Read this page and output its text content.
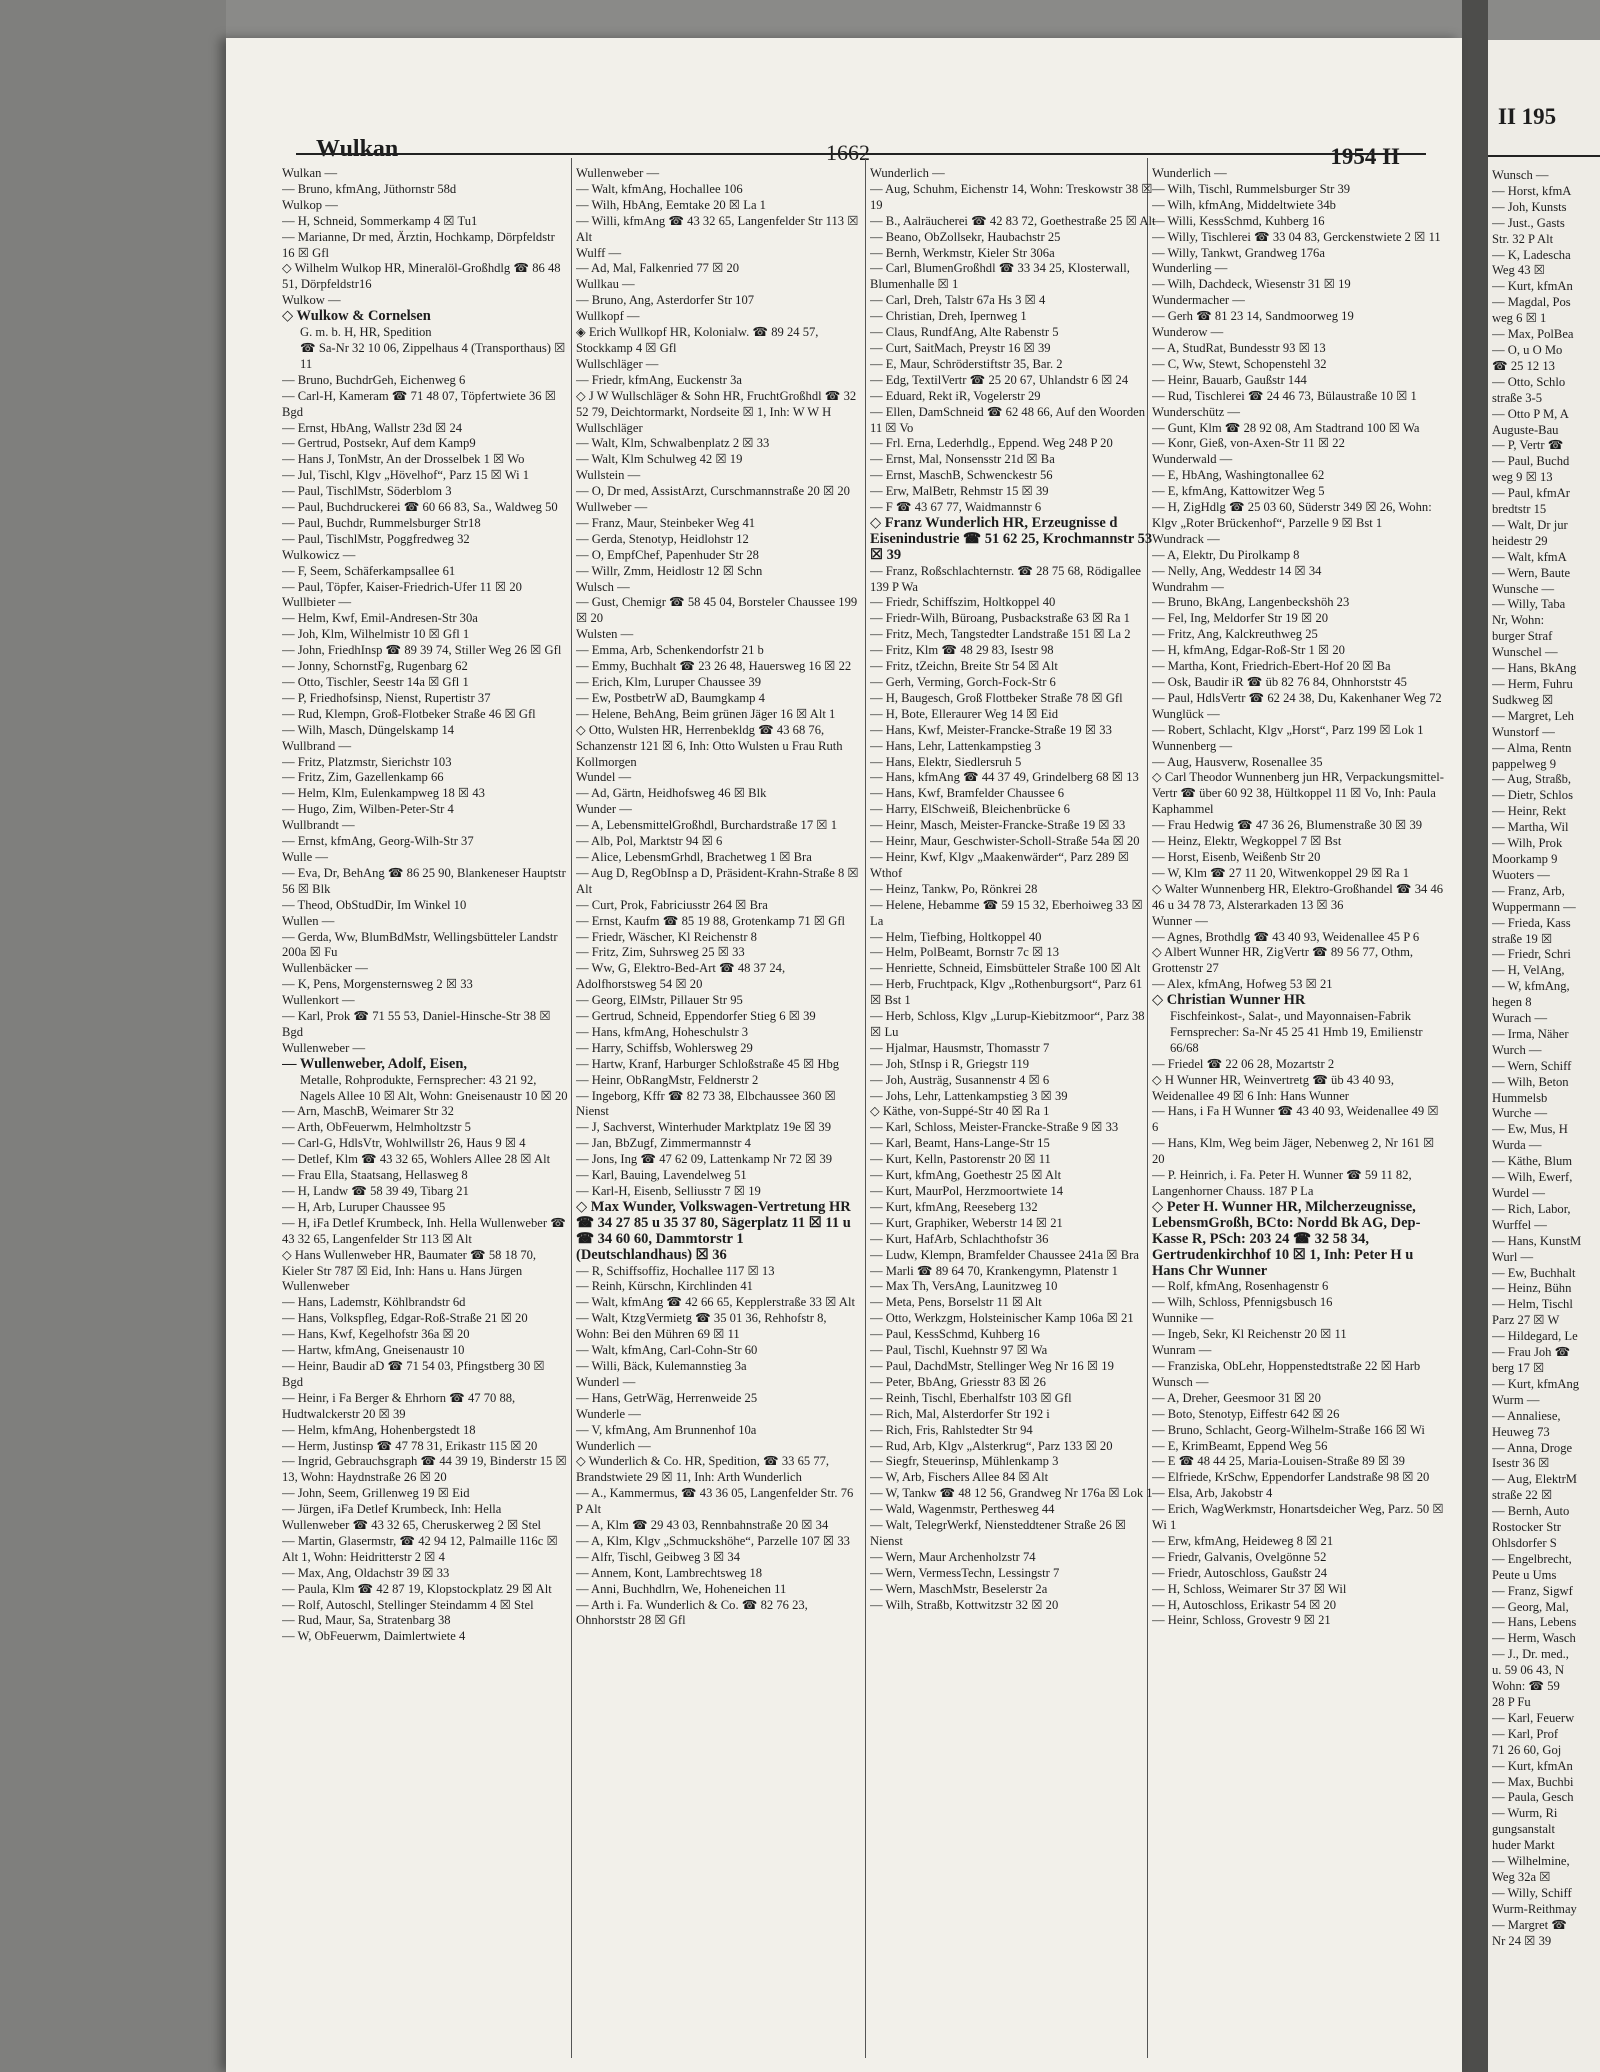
Wulkan	1662	1954 II
Wulkan —
— Bruno, kfmAng, Jüthornstr 58d
Wulkop —
— H, Schneid, Sommerkamp 4 ☒ Tu1
— Marianne, Dr med, Ärztin, Hochkamp, Dörpfeldstr 16 ☒ Gfl
◇ Wilhelm Wulkop HR, Mineralöl-Großhdlg ☎ 86 48 51, Dörpfeldstr16
Wulkow —
◇ Wulkow & Cornelsen
G. m. b. H, HR, Spedition
☎ Sa-Nr 32 10 06, Zippelhaus 4 (Transporthaus) ☒ 11
— Bruno, BuchdrGeh, Eichenweg 6
— Carl-H, Kameram ☎ 71 48 07, Töpfertwiete 36 ☒ Bgd
— Ernst, HbAng, Wallstr 23d ☒ 24
— Gertrud, Postsekr, Auf dem Kamp9
— Hans J, TonMstr, An der Drosselbek 1 ☒ Wo
— Jul, Tischl, Klgv „Hövelhof“, Parz 15 ☒ Wi 1
— Paul, TischlMstr, Söderblom 3
— Paul, Buchdruckerei ☎ 60 66 83, Sa., Waldweg 50
— Paul, Buchdr, Rummelsburger Str18
— Paul, TischlMstr, Poggfredweg 32
Wulkowicz —
— F, Seem, Schäferkampsallee 61
— Paul, Töpfer, Kaiser-Friedrich-Ufer 11 ☒ 20
Wullbieter —
— Helm, Kwf, Emil-Andresen-Str 30a
— Joh, Klm, Wilhelmistr 10 ☒ Gfl 1
— John, FriedhInsp ☎ 89 39 74, Stiller Weg 26 ☒ Gfl
— Jonny, SchornstFg, Rugenbarg 62
— Otto, Tischler, Seestr 14a ☒ Gfl 1
— P, Friedhofsinsp, Nienst, Rupertistr 37
— Rud, Klempn, Groß-Flotbeker Straße 46 ☒ Gfl
— Wilh, Masch, Düngelskamp 14
Wullbrand —
— Fritz, Platzmstr, Sierichstr 103
— Fritz, Zim, Gazellenkamp 66
— Helm, Klm, Eulenkampweg 18 ☒ 43
— Hugo, Zim, Wilben-Peter-Str 4
Wullbrandt —
— Ernst, kfmAng, Georg-Wilh-Str 37
Wulle —
— Eva, Dr, BehAng ☎ 86 25 90, Blankeneser Hauptstr 56 ☒ Blk
— Theod, ObStudDir, Im Winkel 10
Wullen —
— Gerda, Ww, BlumBdMstr, Wellingsbütteler Landstr 200a ☒ Fu
Wullenbäcker —
— K, Pens, Morgensternsweg 2 ☒ 33
Wullenkort —
— Karl, Prok ☎ 71 55 53, Daniel-Hinsche-Str 38 ☒ Bgd
Wullenweber —
— Wullenweber, Adolf, Eisen,
Metalle, Rohprodukte, Fernsprecher: 43 21 92, Nagels Allee 10 ☒ Alt, Wohn: Gneisenaustr 10 ☒ 20
— Arn, MaschB, Weimarer Str 32
— Arth, ObFeuerwm, Helmholtzstr 5
— Carl-G, HdlsVtr, Wohlwillstr 26, Haus 9 ☒ 4
— Detlef, Klm ☎ 43 32 65, Wohlers Allee 28 ☒ Alt
— Frau Ella, Staatsang, Hellasweg 8
— H, Landw ☎ 58 39 49, Tibarg 21
— H, Arb, Luruper Chaussee 95
— H, iFa Detlef Krumbeck, Inh. Hella Wullenweber ☎ 43 32 65, Langenfelder Str 113 ☒ Alt
◇ Hans Wullenweber HR, Baumater ☎ 58 18 70, Kieler Str 787 ☒ Eid, Inh: Hans u. Hans Jürgen Wullenweber
— Hans, Lademstr, Köhlbrandstr 6d
— Hans, Volkspfleg, Edgar-Roß-Straße 21 ☒ 20
— Hans, Kwf, Kegelhofstr 36a ☒ 20
— Hartw, kfmAng, Gneisenaustr 10
— Heinr, Baudir aD ☎ 71 54 03, Pfingstberg 30 ☒ Bgd
— Heinr, i Fa Berger & Ehrhorn ☎ 47 70 88, Hudtwalckerstr 20 ☒ 39
— Helm, kfmAng, Hohenbergstedt 18
— Herm, Justinsp ☎ 47 78 31, Erikastr 115 ☒ 20
— Ingrid, Gebrauchsgraph ☎ 44 39 19, Binderstr 15 ☒ 13, Wohn: Haydnstraße 26 ☒ 20
— John, Seem, Grillenweg 19 ☒ Eid
— Jürgen, iFa Detlef Krumbeck, Inh: Hella Wullenweber ☎ 43 32 65, Cheruskerweg 2 ☒ Stel
— Martin, Glasermstr, ☎ 42 94 12, Palmaille 116c ☒ Alt 1, Wohn: Heidritterstr 2 ☒ 4
— Max, Ang, Oldachstr 39 ☒ 33
— Paula, Klm ☎ 42 87 19, Klopstockplatz 29 ☒ Alt
— Rolf, Autoschl, Stellinger Steindamm 4 ☒ Stel
— Rud, Maur, Sa, Stratenbarg 38
— W, ObFeuerwm, Daimlertwiete 4
Wullenweber —
— Walt, kfmAng, Hochallee 106
— Wilh, HbAng, Eemtake 20 ☒ La 1
— Willi, kfmAng ☎ 43 32 65, Langenfelder Str 113 ☒ Alt
Wulff —
— Ad, Mal, Falkenried 77 ☒ 20
Wullkau —
— Bruno, Ang, Asterdorfer Str 107
Wullkopf —
◈ Erich Wullkopf HR, Kolonialw. ☎ 89 24 57, Stockkamp 4 ☒ Gfl
Wullschläger —
— Friedr, kfmAng, Euckenstr 3a
◇ J W Wullschläger & Sohn HR, FruchtGroßhdl ☎ 32 52 79, Deichtormarkt, Nordseite ☒ 1, Inh: W W H Wullschläger
— Walt, Klm, Schwalbenplatz 2 ☒ 33
— Walt, Klm Schulweg 42 ☒ 19
Wullstein —
— O, Dr med, AssistArzt, Curschmannstraße 20 ☒ 20
Wullweber —
— Franz, Maur, Steinbeker Weg 41
— Gerda, Stenotyp, Heidlohstr 12
— O, EmpfChef, Papenhuder Str 28
— Willr, Zmm, Heidlostr 12 ☒ Schn
Wulsch —
— Gust, Chemigr ☎ 58 45 04, Borsteler Chaussee 199 ☒ 20
Wulsten —
— Emma, Arb, Schenkendorfstr 21 b
— Emmy, Buchhalt ☎ 23 26 48, Hauersweg 16 ☒ 22
— Erich, Klm, Luruper Chaussee 39
— Ew, PostbetrW aD, Baumgkamp 4
— Helene, BehAng, Beim grünen Jäger 16 ☒ Alt 1
◇ Otto, Wulsten HR, Herrenbekldg ☎ 43 68 76, Schanzenstr 121 ☒ 6, Inh: Otto Wulsten u Frau Ruth Kollmorgen
Wundel —
— Ad, Gärtn, Heidhofsweg 46 ☒ Blk
Wunder —
— A, LebensmittelGroßhdl, Burchardstraße 17 ☒ 1
— Alb, Pol, Marktstr 94 ☒ 6
— Alice, LebensmGrhdl, Brachetweg 1 ☒ Bra
— Aug D, RegObInsp a D, Präsident-Krahn-Straße 8 ☒ Alt
— Curt, Prok, Fabriciusstr 264 ☒ Bra
— Ernst, Kaufm ☎ 85 19 88, Grotenkamp 71 ☒ Gfl
— Friedr, Wäscher, Kl Reichenstr 8
— Fritz, Zim, Suhrsweg 25 ☒ 33
— Ww, G, Elektro-Bed-Art ☎ 48 37 24, Adolfhorstsweg 54 ☒ 20
— Georg, ElMstr, Pillauer Str 95
— Gertrud, Schneid, Eppendorfer Stieg 6 ☒ 39
— Hans, kfmAng, Hoheschulstr 3
— Harry, Schiffsb, Wohlersweg 29
— Hartw, Kranf, Harburger Schloßstraße 45 ☒ Hbg
— Heinr, ObRangMstr, Feldnerstr 2
— Ingeborg, Kffr ☎ 82 73 38, Elbchaussee 360 ☒ Nienst
— J, Sachverst, Winterhuder Marktplatz 19e ☒ 39
— Jan, BbZugf, Zimmermannstr 4
— Jons, Ing ☎ 47 62 09, Lattenkamp Nr 72 ☒ 39
— Karl, Bauing, Lavendelweg 51
— Karl-H, Eisenb, Selliusstr 7 ☒ 19
◇ Max Wunder, Volkswagen-Vertretung HR ☎ 34 27 85 u 35 37 80, Sägerplatz 11 ☒ 11 u ☎ 34 60 60, Dammtorstr 1 (Deutschlandhaus) ☒ 36
— R, Schiffsoffiz, Hochallee 117 ☒ 13
— Reinh, Kürschn, Kirchlinden 41
— Walt, kfmAng ☎ 42 66 65, Kepplerstraße 33 ☒ Alt
— Walt, KtzgVermietg ☎ 35 01 36, Rehhofstr 8, Wohn: Bei den Mühren 69 ☒ 11
— Walt, kfmAng, Carl-Cohn-Str 60
— Willi, Bäck, Kulemannstieg 3a
Wunderl —
— Hans, GetrWäg, Herrenweide 25
Wunderle —
— V, kfmAng, Am Brunnenhof 10a
Wunderlich —
◇ Wunderlich & Co. HR, Spedition, ☎ 33 65 77, Brandstwiete 29 ☒ 11, Inh: Arth Wunderlich
— A., Kammermus, ☎ 43 36 05, Langenfelder Str. 76 P Alt
— A, Klm ☎ 29 43 03, Rennbahnstraße 20 ☒ 34
— A, Klm, Klgv „Schmuckshöhe“, Parzelle 107 ☒ 33
— Alfr, Tischl, Geibweg 3 ☒ 34
— Annem, Kont, Lambrechtsweg 18
— Anni, Buchhdlrn, We, Hoheneichen 11
— Arth i. Fa. Wunderlich & Co. ☎ 82 76 23, Ohnhorststr 28 ☒ Gfl
Wunderlich —
— Aug, Schuhm, Eichenstr 14, Wohn: Treskowstr 38 ☒ 19
— B., Aalräucherei ☎ 42 83 72, Goethestraße 25 ☒ Alt
— Beano, ObZollsekr, Haubachstr 25
— Bernh, Werkmstr, Kieler Str 306a
— Carl, BlumenGroßhdl ☎ 33 34 25, Klosterwall, Blumenhalle ☒ 1
— Carl, Dreh, Talstr 67a Hs 3 ☒ 4
— Christian, Dreh, Ipernweg 1
— Claus, RundfAng, Alte Rabenstr 5
— Curt, SaitMach, Preystr 16 ☒ 39
— E, Maur, Schröderstiftstr 35, Bar. 2
— Edg, TextilVertr ☎ 25 20 67, Uhlandstr 6 ☒ 24
— Eduard, Rekt iR, Vogelerstr 29
— Ellen, DamSchneid ☎ 62 48 66, Auf den Woorden 11 ☒ Vo
— Frl. Erna, Lederhdlg., Eppend. Weg 248 P 20
— Ernst, Mal, Nonsensstr 21d ☒ Ba
— Ernst, MaschB, Schwenckestr 56
— Erw, MalBetr, Rehmstr 15 ☒ 39
— F ☎ 43 67 77, Waidmannstr 6
◇ Franz Wunderlich HR, Erzeugnisse d Eisenindustrie ☎ 51 62 25, Krochmannstr 53 ☒ 39
— Franz, Roßschlachternstr. ☎ 28 75 68, Rödigallee 139 P Wa
— Friedr, Schiffszim, Holtkoppel 40
— Friedr-Wilh, Büroang, Pusbackstraße 63 ☒ Ra 1
— Fritz, Mech, Tangstedter Landstraße 151 ☒ La 2
— Fritz, Klm ☎ 48 29 83, Isestr 98
— Fritz, tZeichn, Breite Str 54 ☒ Alt
— Gerh, Verming, Gorch-Fock-Str 6
— H, Baugesch, Groß Flottbeker Straße 78 ☒ Gfl
— H, Bote, Elleraurer Weg 14 ☒ Eid
— Hans, Kwf, Meister-Francke-Straße 19 ☒ 33
— Hans, Lehr, Lattenkampstieg 3
— Hans, Elektr, Siedlersruh 5
— Hans, kfmAng ☎ 44 37 49, Grindelberg 68 ☒ 13
— Hans, Kwf, Bramfelder Chaussee 6
— Harry, ElSchweiß, Bleichenbrücke 6
— Heinr, Masch, Meister-Francke-Straße 19 ☒ 33
— Heinr, Maur, Geschwister-Scholl-Straße 54a ☒ 20
— Heinr, Kwf, Klgv „Maakenwärder“, Parz 289 ☒ Wthof
— Heinz, Tankw, Po, Rönkrei 28
— Helene, Hebamme ☎ 59 15 32, Eberhoiweg 33 ☒ La
— Helm, Tiefbing, Holtkoppel 40
— Helm, PolBeamt, Bornstr 7c ☒ 13
— Henriette, Schneid, Eimsbütteler Straße 100 ☒ Alt
— Herb, Fruchtpack, Klgv „Rothenburgsort“, Parz 61 ☒ Bst 1
— Herb, Schloss, Klgv „Lurup-Kiebitzmoor“, Parz 38 ☒ Lu
— Hjalmar, Hausmstr, Thomasstr 7
— Joh, StInsp i R, Griegstr 119
— Joh, Austräg, Susannenstr 4 ☒ 6
— Johs, Lehr, Lattenkampstieg 3 ☒ 39
◇ Käthe, von-Suppé-Str 40 ☒ Ra 1
— Karl, Schloss, Meister-Francke-Straße 9 ☒ 33
— Karl, Beamt, Hans-Lange-Str 15
— Kurt, Kelln, Pastorenstr 20 ☒ 11
— Kurt, kfmAng, Goethestr 25 ☒ Alt
— Kurt, MaurPol, Herzmoortwiete 14
— Kurt, kfmAng, Reeseberg 132
— Kurt, Graphiker, Weberstr 14 ☒ 21
— Kurt, HafArb, Schlachthofstr 36
— Ludw, Klempn, Bramfelder Chaussee 241a ☒ Bra
— Marli ☎ 89 64 70, Krankengymn, Platenstr 1
— Max Th, VersAng, Launitzweg 10
— Meta, Pens, Borselstr 11 ☒ Alt
— Otto, Werkzgm, Holsteinischer Kamp 106a ☒ 21
— Paul, KessSchmd, Kuhberg 16
— Paul, Tischl, Kuehnstr 97 ☒ Wa
— Paul, DachdMstr, Stellinger Weg Nr 16 ☒ 19
— Peter, BbAng, Griesstr 83 ☒ 26
— Reinh, Tischl, Eberhalfstr 103 ☒ Gfl
— Rich, Mal, Alsterdorfer Str 192 i
— Rich, Fris, Rahlstedter Str 94
— Rud, Arb, Klgv „Alsterkrug“, Parz 133 ☒ 20
— Siegfr, Steuerinsp, Mühlenkamp 3
— W, Arb, Fischers Allee 84 ☒ Alt
— W, Tankw ☎ 48 12 56, Grandweg Nr 176a ☒ Lok 1
— Wald, Wagenmstr, Perthesweg 44
— Walt, TelegrWerkf, Niensteddtener Straße 26 ☒ Nienst
— Wern, Maur Archenholzstr 74
— Wern, VermessTechn, Lessingstr 7
— Wern, MaschMstr, Beselerstr 2a
— Wilh, Straßb, Kottwitzstr 32 ☒ 20
Wunderlich —
— Wilh, Tischl, Rummelsburger Str 39
— Wilh, kfmAng, Middeltwiete 34b
— Willi, KessSchmd, Kuhberg 16
— Willy, Tischlerei ☎ 33 04 83, Gerckenstwiete 2 ☒ 11
— Willy, Tankwt, Grandweg 176a
Wunderling —
— Wilh, Dachdeck, Wiesenstr 31 ☒ 19
Wundermacher —
— Gerh ☎ 81 23 14, Sandmoorweg 19
Wunderow —
— A, StudRat, Bundesstr 93 ☒ 13
— C, Ww, Stewt, Schopenstehl 32
— Heinr, Bauarb, Gaußstr 144
— Rud, Tischlerei ☎ 24 46 73, Bülaustraße 10 ☒ 1
Wunderschütz —
— Gunt, Klm ☎ 28 92 08, Am Stadtrand 100 ☒ Wa
— Konr, Gieß, von-Axen-Str 11 ☒ 22
Wunderwald —
— E, HbAng, Washingtonallee 62
— E, kfmAng, Kattowitzer Weg 5
— H, ZigHdlg ☎ 25 03 60, Süderstr 349 ☒ 26, Wohn: Klgv „Roter Brückenhof“, Parzelle 9 ☒ Bst 1
Wundrack —
— A, Elektr, Du Pirolkamp 8
— Nelly, Ang, Weddestr 14 ☒ 34
Wundrahm —
— Bruno, BkAng, Langenbeckshöh 23
— Fel, Ing, Meldorfer Str 19 ☒ 20
— Fritz, Ang, Kalckreuthweg 25
— H, kfmAng, Edgar-Roß-Str 1 ☒ 20
— Martha, Kont, Friedrich-Ebert-Hof 20 ☒ Ba
— Osk, Baudir iR ☎ üb 82 76 84, Ohnhorststr 45
— Paul, HdlsVertr ☎ 62 24 38, Du, Kakenhaner Weg 72
Wunglück —
— Robert, Schlacht, Klgv „Horst“, Parz 199 ☒ Lok 1
Wunnenberg —
— Aug, Hausverw, Rosenallee 35
◇ Carl Theodor Wunnenberg jun HR, Verpackungsmittel-Vertr ☎ über 60 92 38, Hültkoppel 11 ☒ Vo, Inh: Paula Kaphammel
— Frau Hedwig ☎ 47 36 26, Blumenstraße 30 ☒ 39
— Heinz, Elektr, Wegkoppel 7 ☒ Bst
— Horst, Eisenb, Weißenb Str 20
— W, Klm ☎ 27 11 20, Witwenkoppel 29 ☒ Ra 1
◇ Walter Wunnenberg HR, Elektro-Großhandel ☎ 34 46 46 u 34 78 73, Alsterarkaden 13 ☒ 36
Wunner —
— Agnes, Brothdlg ☎ 43 40 93, Weidenallee 45 P 6
◇ Albert Wunner HR, ZigVertr ☎ 89 56 77, Othm, Grottenstr 27
— Alex, kfmAng, Hofweg 53 ☒ 21
◇ Christian Wunner HR
Fischfeinkost-, Salat-, und Mayonnaisen-Fabrik Fernsprecher: Sa-Nr 45 25 41 Hmb 19, Emilienstr 66/68
— Friedel ☎ 22 06 28, Mozartstr 2
◇ H Wunner HR, Weinvertretg ☎ üb 43 40 93, Weidenallee 49 ☒ 6 Inh: Hans Wunner
— Hans, i Fa H Wunner ☎ 43 40 93, Weidenallee 49 ☒ 6
— Hans, Klm, Weg beim Jäger, Nebenweg 2, Nr 161 ☒ 20
— P. Heinrich, i. Fa. Peter H. Wunner ☎ 59 11 82, Langenhorner Chauss. 187 P La
◇ Peter H. Wunner HR, Milcherzeugnisse, LebensmGroßh, BCto: Nordd Bk AG, Dep-Kasse R, PSch: 203 24 ☎ 32 58 34, Gertrudenkirchhof 10 ☒ 1, Inh: Peter H u Hans Chr Wunner
— Rolf, kfmAng, Rosenhagenstr 6
— Wilh, Schloss, Pfennigsbusch 16
Wunnike —
— Ingeb, Sekr, Kl Reichenstr 20 ☒ 11
Wunram —
— Franziska, ObLehr, Hoppenstedtstraße 22 ☒ Harb
Wunsch —
— A, Dreher, Geesmoor 31 ☒ 20
— Boto, Stenotyp, Eiffestr 642 ☒ 26
— Bruno, Schlacht, Georg-Wilhelm-Straße 166 ☒ Wi
— E, KrimBeamt, Eppend Weg 56
— E ☎ 48 44 25, Maria-Louisen-Straße 89 ☒ 39
— Elfriede, KrSchw, Eppendorfer Landstraße 98 ☒ 20
— Elsa, Arb, Jakobstr 4
— Erich, WagWerkmstr, Honartsdeicher Weg, Parz. 50 ☒ Wi 1
— Erw, kfmAng, Heideweg 8 ☒ 21
— Friedr, Galvanis, Ovelgönne 52
— Friedr, Autoschloss, Gaußstr 24
— H, Schloss, Weimarer Str 37 ☒ Wil
— H, Autoschloss, Erikastr 54 ☒ 20
— Heinr, Schloss, Grovestr 9 ☒ 21
II 195
Wunsch —
— Horst, kfmA
— Joh, Kunsts
— Just., Gasts
Str. 32 P Alt
— K, Ladescha
Weg 43 ☒
— Kurt, kfmAn
— Magdal, Pos
weg 6 ☒ 1
— Max, PolBea
— O, u O Mo
☎ 25 12 13
— Otto, Schlo
straße 3-5
— Otto P M, A
Auguste-Bau
— P, Vertr ☎
— Paul, Buchd
weg 9 ☒ 13
— Paul, kfmAr
bredtstr 15
— Walt, Dr jur
heidestr 29
— Walt, kfmA
— Wern, Baute
Wunsche —
— Willy, Taba
Nr, Wohn:
burger Straf
Wunschel —
— Hans, BkAng
— Herm, Fuhru
Sudkweg ☒
— Margret, Leh
Wunstorf —
— Alma, Rentn
pappelweg 9
— Aug, Straßb,
— Dietr, Schlos
— Heinr, Rekt
— Martha, Wil
— Wilh, Prok
Moorkamp 9
Wuoters —
— Franz, Arb,
Wuppermann —
— Frieda, Kass
straße 19 ☒
— Friedr, Schri
— H, VelAng,
— W, kfmAng,
hegen 8
Wurach —
— Irma, Näher
Wurch —
— Wern, Schiff
— Wilh, Beton
Hummelsb
Wurche —
— Ew, Mus, H
Wurda —
— Käthe, Blum
— Wilh, Ewerf,
Wurdel —
— Rich, Labor,
Wurffel —
— Hans, KunstM
Wurl —
— Ew, Buchhalt
— Heinz, Bühn
— Helm, Tischl
Parz 27 ☒ W
— Hildegard, Le
— Frau Joh ☎
berg 17 ☒
— Kurt, kfmAng
Wurm —
— Annaliese,
Heuweg 73
— Anna, Droge
Isestr 36 ☒
— Aug, ElektrM
straße 22 ☒
— Bernh, Auto
Rostocker Str
Ohlsdorfer S
— Engelbrecht,
Peute u Ums
— Franz, Sigwf
— Georg, Mal,
— Hans, Lebens
— Herm, Wasch
— J., Dr. med.,
u. 59 06 43, N
Wohn: ☎ 59
28 P Fu
— Karl, Feuerw
— Karl, Prof
71 26 60, Goj
— Kurt, kfmAn
— Max, Buchbi
— Paula, Gesch
— Wurm, Ri
gungsanstalt
huder Markt
— Wilhelmine,
Weg 32a ☒
— Willy, Schiff
Wurm-Reithmay
— Margret ☎
Nr 24 ☒ 39
